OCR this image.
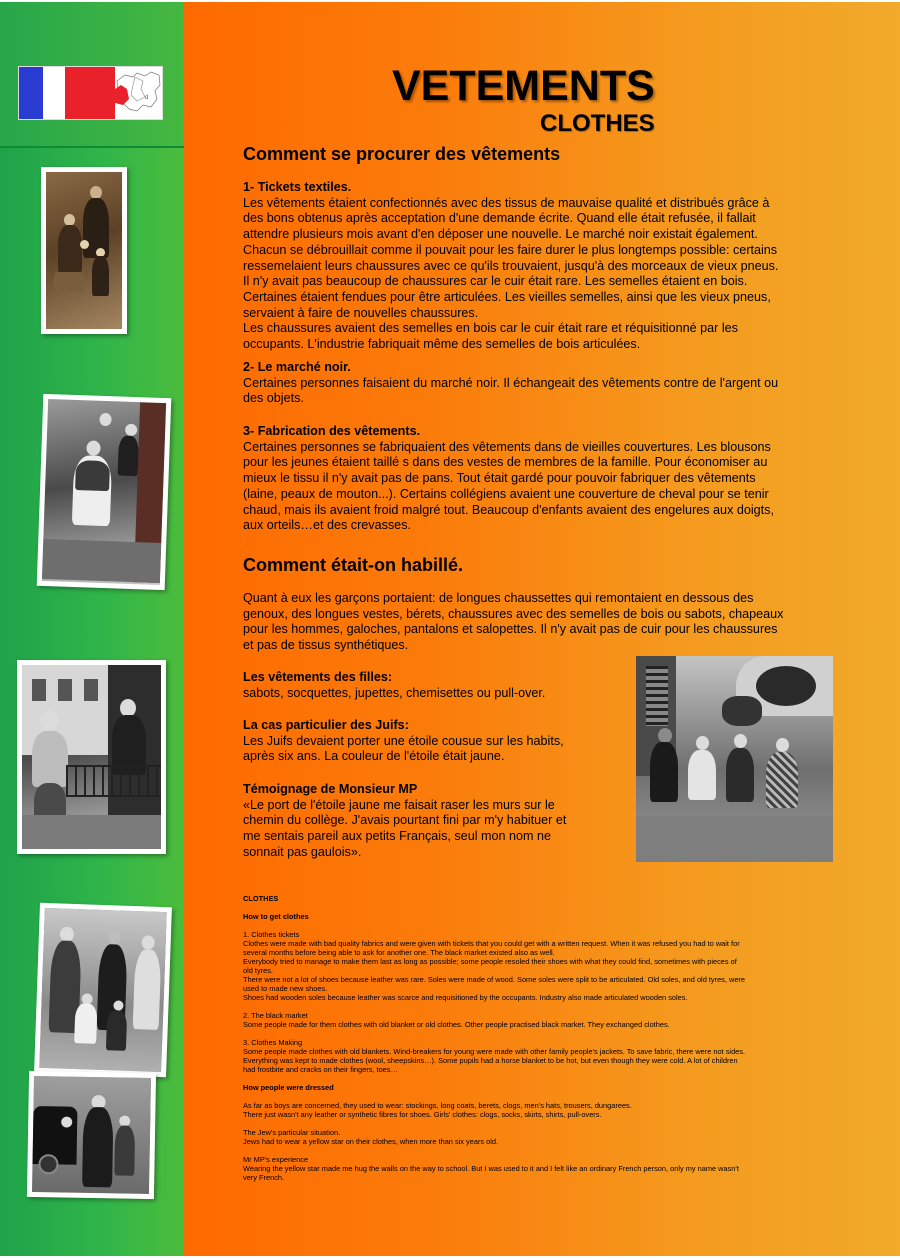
d	VETEMENTS
CLOTHES
Comment se procurer des vêtements

1- Tickets textiles.

Les vêtements étaient confectionnés avec des tissus de mauvaise qualité et distribués grâce à

des bons obtenus après acceptation d'une demande écrite. Quand elle était refusée, il fallait

attendre plusieurs mois avant d'en déposer une nouvelle. Le marché noir existait également.

Chacun se débrouillait comme il pouvait pour les faire durer le plus longtemps possible: certains

ressemelaient leurs chaussures avec ce qu'ils trouvaient, jusqu'à des morceaux de vieux pneus.

Il n'y avait pas beaucoup de chaussures car le cuir était rare. Les semelles étaient en bois.

Certaines étaient fendues pour être articulées. Les vieilles semelles, ainsi que les vieux pneus,

servaient à faire de nouvelles chaussures.

Les chaussures avaient des semelles en bois car le cuir était rare et réquisitionné par les

occupants. L'industrie fabriquait même des semelles de bois articulées.

2- Le marché noir.

Certaines personnes faisaient du marché noir. Il échangeait des vêtements contre de l'argent ou

des objets.

3- Fabrication des vêtements.

Certaines personnes se fabriquaient des vêtements dans de vieilles couvertures. Les blousons

pour les jeunes étaient taillé s dans des vestes de membres de la famille. Pour économiser au

mieux le tissu il n'y avait pas de pans. Tout était gardé pour pouvoir fabriquer des vêtements

(laine, peaux de mouton...). Certains collégiens avaient une couverture de cheval pour se tenir

chaud, mais ils avaient froid malgré tout. Beaucoup d'enfants avaient des engelures aux doigts,

aux orteils…et des crevasses.

Comment était-on habillé.

Quant à eux les garçons portaient: de longues chaussettes qui remontaient en dessous des

genoux, des longues vestes, bérets, chaussures avec des semelles de bois ou sabots, chapeaux

pour les hommes, galoches, pantalons et salopettes. Il n'y avait pas de cuir pour les chaussures

et pas de tissus synthétiques.

Les vêtements des filles:

sabots, socquettes, jupettes, chemisettes ou pull-over.

La cas particulier des Juifs:

Les Juifs devaient porter une étoile cousue sur les habits,

après six ans. La couleur de l'étoile était jaune.

Témoignage de Monsieur MP

«Le port de l'étoile jaune me faisait raser les murs sur le

chemin du collège. J'avais pourtant fini par m'y habituer et

me sentais pareil aux petits Français, seul mon nom ne

sonnait pas gaulois».

CLOTHES

How to get clothes

1. Clothes tickets

Clothes were made with bad quality fabrics and were given with tickets that you could get with a written request. When it was refused you had to wait for

several months before being able to ask for another one. The black market existed also as well.

Everybody tried to manage to make them last as long as possible; some people resoled their shoes with what they could find, sometimes with pieces of

old tyres.

There were not a lot of shoes because leather was rare. Soles were made of wood. Some soles were split to be articulated. Old soles, and old tyres, were

used to made new shoes.

Shoes had wooden soles because leather was scarce and requisitioned by the occupants. Industry also made articulated wooden soles.

2. The black market

Some people made for them clothes with old blanket or old clothes. Other people practised black market. They exchanged clothes.

3. Clothes Making

Some people made clothes with old blankets. Wind-breakers for young were made with other family people's jackets. To save fabric, there were not sides.

Everything was kept to made clothes (wool, sheepskins…). Some pupils had a horse blanket to be hot, but even though they were cold. A lot of children

had frostbite and cracks on their fingers, toes…

How people were dressed

As far as boys are concerned, they used to wear: stockings, long coats, berets, clogs, men's hats, trousers, dungarees.

There just wasn't any leather or synthetic fibres for shoes. Girls' clothes: clogs, socks, skirts, shirts, pull-overs.

The Jew's particular situation.

Jews had to wear a yellow star on their clothes, when more than six years old.

Mr MP's experience

Wearing the yellow star made me hug the walls on the way to school. But I was used to it and I felt like an ordinary French person, only my name wasn't

very French.
